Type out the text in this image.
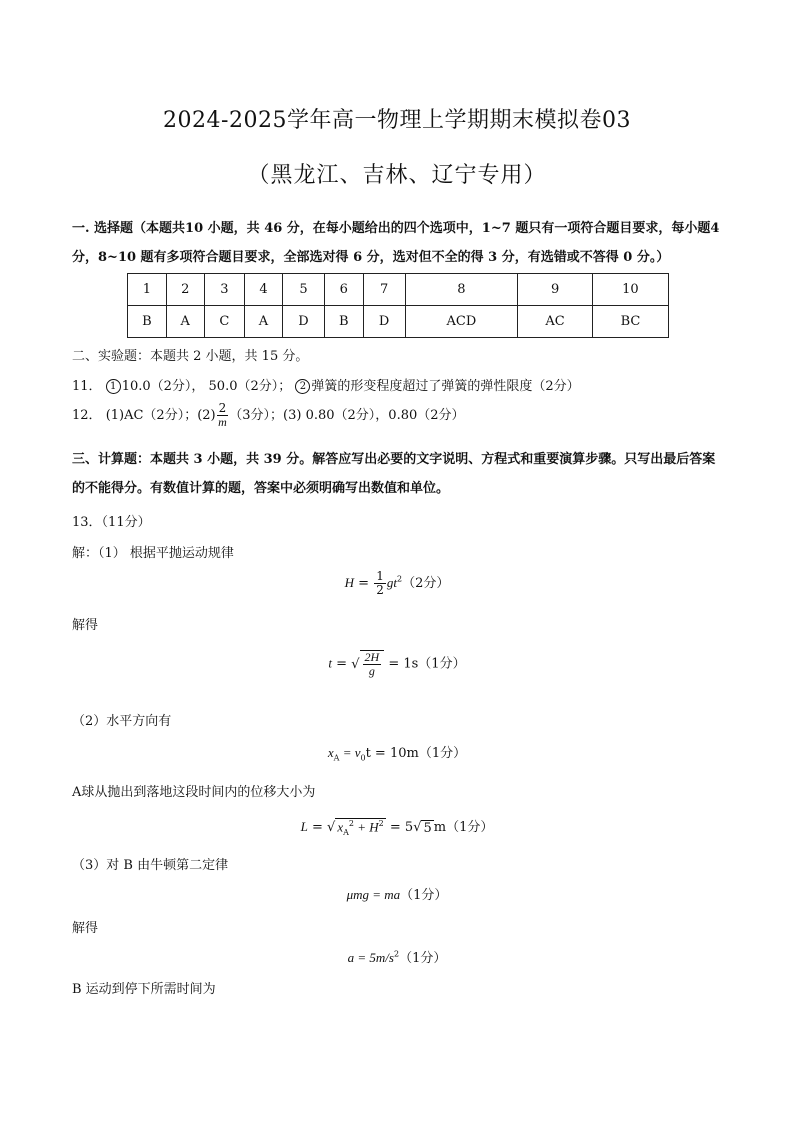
2024-2025学年高一物理上学期期末模拟卷03
（黑龙江、吉林、辽宁专用）
一. 选择题（本题共10 小题，共 46 分，在每小题给出的四个选项中，1~7 题只有一项符合题目要求，每小题4 分，8~10 题有多项符合题目要求，全部选对得 6 分，选对但不全的得 3 分，有选错或不答得 0 分。）
1	2	3	4	5	6	7	8	9	10
B	A	C	A	D	B	D	ACD	AC	BC
二、实验题：本题共 2 小题，共 15 分。
11． 1 10.0（2分）， 50.0（2分）； 2 弹簧的形变程度超过了弹簧的弹性限度（2分）
12． (1)AC（2分）；$(2) \frac{2}{m} (3$分）；(3) 0.80（2分），0.80（2分）
三、计算题：本题共 3 小题，共 39 分。解答应写出必要的文字说明、方程式和重要演算步骤。只写出最后答案的不能得分。有数值计算的题，答案中必须明确写出数值和单位。
13．（11分）
解：（1） 根据平抛运动规律
$H = \frac{1}{2} gt^2(2$分）
解得
t = √ $\frac{2H}{g} = 1s(1$分）
（2）水平方向有
$x_A = v_0t = 10m(1$分）
A球从抛出到落地这段时间内的位移大小为
L = √ $x_A^2 + H^2 = 5√$ 5 m（1分）
（3）对 B 由牛顿第二定律
μmg = ma（1分）
解得
$a = 5m/s^2(1$分）
B 运动到停下所需时间为
